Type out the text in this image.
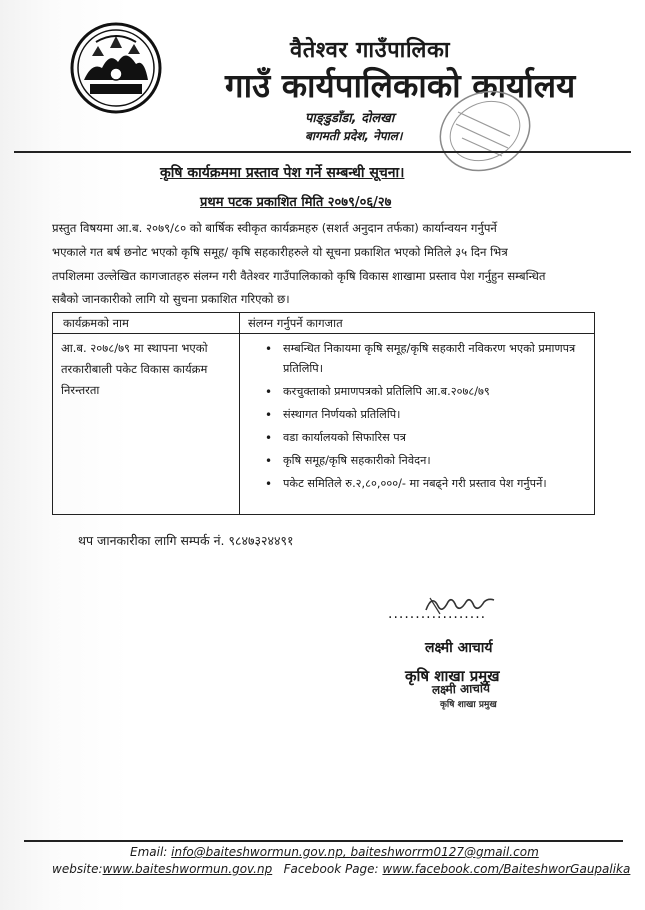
वैतेश्वर गाउँपालिका
गाउँ कार्यपालिकाको कार्यालय
पाङ्डुडाँडा, दोलखा
बागमती प्रदेश, नेपाल।
कृषि कार्यक्रममा प्रस्ताव पेश गर्ने सम्बन्धी सूचना।
प्रथम पटक प्रकाशित मिति २०७९/०६/२७
प्रस्तुत विषयमा आ.ब. २०७९/८० को बार्षिक स्वीकृत कार्यक्रमहरु (सशर्त अनुदान तर्फका) कार्यान्वयन गर्नुपर्ने
भएकाले गत बर्ष छनोट भएको कृषि समूह/ कृषि सहकारीहरुले यो सूचना प्रकाशित भएको मितिले ३५ दिन भित्र
तपशिलमा उल्लेखित कागजातहरु संलग्न गरी वैतेश्वर गाउँपालिकाको कृषि विकास शाखामा प्रस्ताव पेश गर्नुहुन सम्बन्धित
सबैको जानकारीको लागि यो सुचना प्रकाशित गरिएको छ।
कार्यक्रमको नाम	संलग्न गर्नुपर्ने कागजात
आ.ब. २०७८/७९ मा स्थापना भएको तरकारीबाली पकेट विकास कार्यक्रम निरन्तरता
• सम्बन्धित निकायमा कृषि समूह/कृषि सहकारी नविकरण भएको प्रमाणपत्र प्रतिलिपि।
• करचुक्ताको प्रमाणपत्रको प्रतिलिपि आ.ब.२०७८/७९
• संस्थागत निर्णयको प्रतिलिपि।
• वडा कार्यालयको सिफारिस पत्र
• कृषि समूह/कृषि सहकारीको निवेदन।
• पकेट समितिले रु.२,८०,०००/- मा नबढ्ने गरी प्रस्ताव पेश गर्नुपर्ने।
थप जानकारीका लागि सम्पर्क नं. ९८४७३२४४९१
..................
लक्ष्मी आचार्य
कृषि शाखा प्रमुख
लक्ष्मी आचार्य
कृषि शाखा प्रमुख
Email: info@baiteshwormun.gov.np, baiteshworrm0127@gmail.com
website:www.baiteshwormun.gov.np Facebook Page: www.facebook.com/BaiteshworGaupalika
